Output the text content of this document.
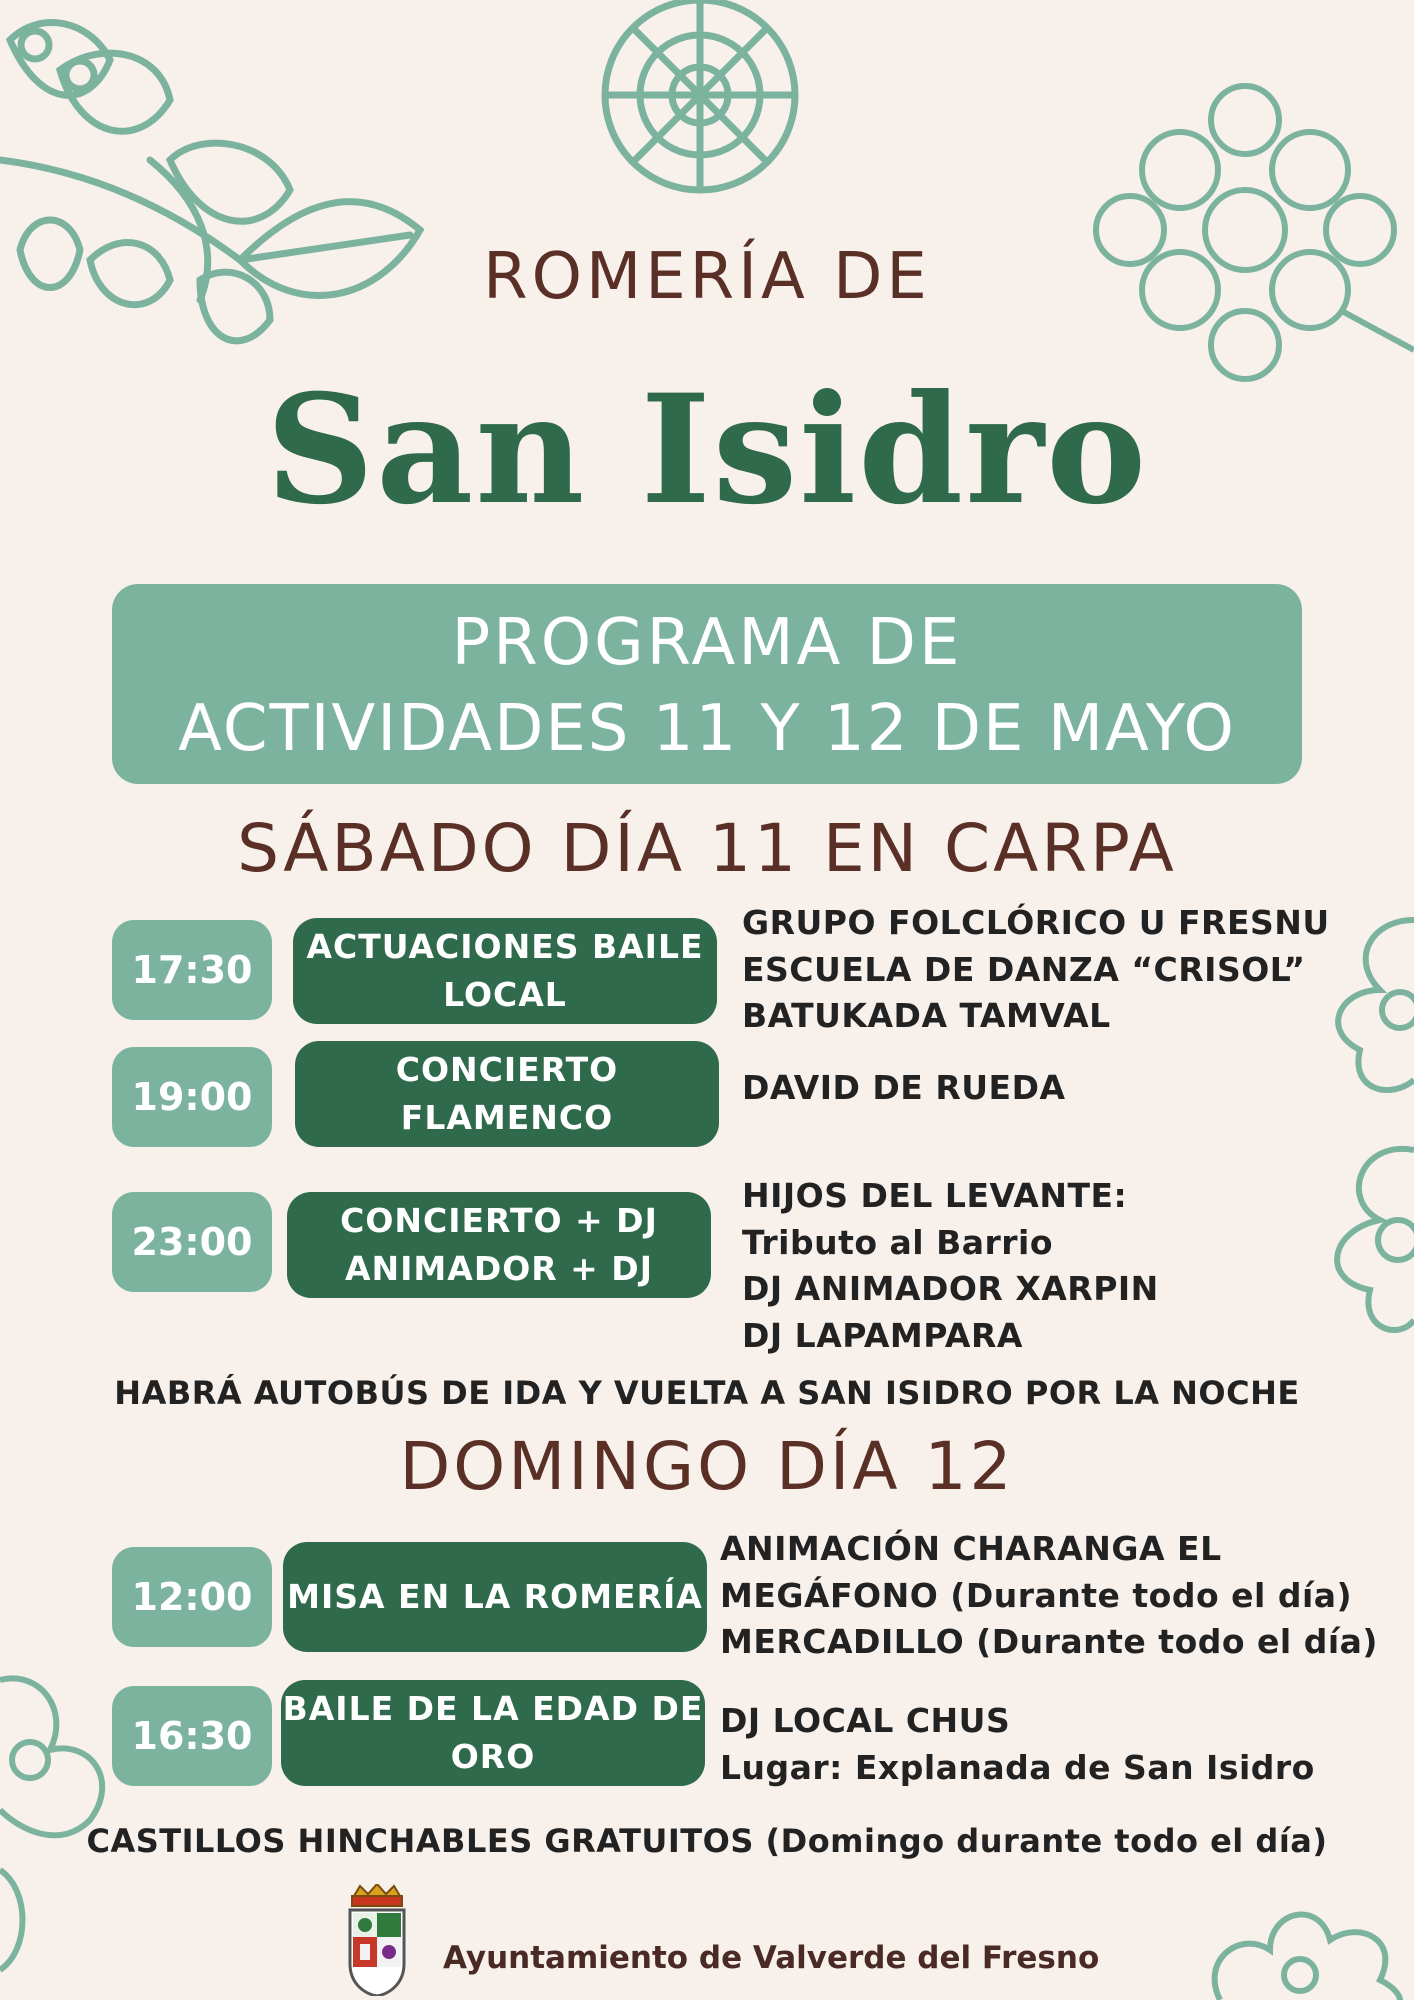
ROMERÍA DE
San Isidro
PROGRAMA DE
ACTIVIDADES 11 Y 12 DE MAYO
SÁBADO DÍA 11 EN CARPA
17:30
ACTUACIONES BAILE
LOCAL
GRUPO FOLCLÓRICO U FRESNU
ESCUELA DE DANZA “CRISOL”
BATUKADA TAMVAL
19:00
CONCIERTO
FLAMENCO
DAVID DE RUEDA
23:00	CONCIERTO + DJ
ANIMADOR + DJ
HIJOS DEL LEVANTE:
Tributo al Barrio
DJ ANIMADOR XARPIN
DJ LAPAMPARA
HABRÁ AUTOBÚS DE IDA Y VUELTA A SAN ISIDRO POR LA NOCHE
DOMINGO DÍA 12
12:00	MISA EN LA ROMERÍA
ANIMACIÓN CHARANGA EL
MEGÁFONO (Durante todo el día)
MERCADILLO (Durante todo el día)
16:30
BAILE DE LA EDAD DE
ORO
DJ LOCAL CHUS
Lugar: Explanada de San Isidro
CASTILLOS HINCHABLES GRATUITOS (Domingo durante todo el día)
Ayuntamiento de Valverde del Fresno
